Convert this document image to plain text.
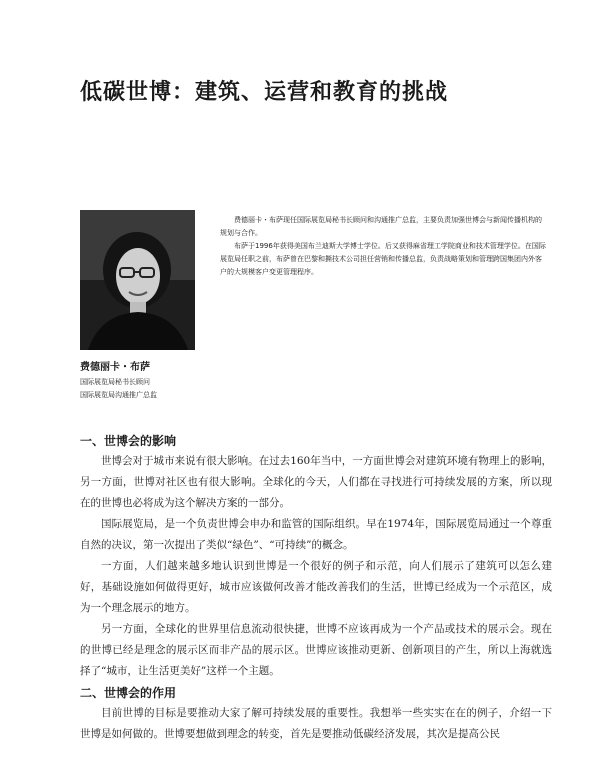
低碳世博：建筑、运营和教育的挑战

费德丽卡・布萨现任国际展览局秘书长顾问和沟通推广总监，主要负责加强世博会与新闻传播机构的规划与合作。

布萨于1996年获得美国布兰迪斯大学博士学位。后又获得麻省理工学院商业和技术管理学位。在国际展览局任职之前，布萨曾在巴黎和撕技术公司担任营销和传播总监，负责战略策划和管理跨国集团内外客户的大规模客户变更管理程序。

费德丽卡・布萨
国际展览局秘书长顾问
国际展览局沟通推广总监
一、世博会的影响

世博会对于城市来说有很大影响。在过去160年当中，一方面世博会对建筑环境有物理上的影响，另一方面，世博对社区也有很大影响。全球化的今天，人们都在寻找进行可持续发展的方案，所以现在的世博也必将成为这个解决方案的一部分。

国际展览局，是一个负责世博会申办和监管的国际组织。早在1974年，国际展览局通过一个尊重自然的决议，第一次提出了类似“绿色”、“可持续”的概念。

一方面，人们越来越多地认识到世博是一个很好的例子和示范，向人们展示了建筑可以怎么建好，基础设施如何做得更好，城市应该做何改善才能改善我们的生活，世博已经成为一个示范区，成为一个理念展示的地方。

另一方面，全球化的世界里信息流动很快捷，世博不应该再成为一个产品或技术的展示会。现在的世博已经是理念的展示区而非产品的展示区。世博应该推动更新、创新项目的产生，所以上海就选择了“城市，让生活更美好”这样一个主题。

二、世博会的作用

目前世博的目标是要推动大家了解可持续发展的重要性。我想举一些实实在在的例子，介绍一下世博是如何做的。世博要想做到理念的转变，首先是要推动低碳经济发展，其次是提高公民
